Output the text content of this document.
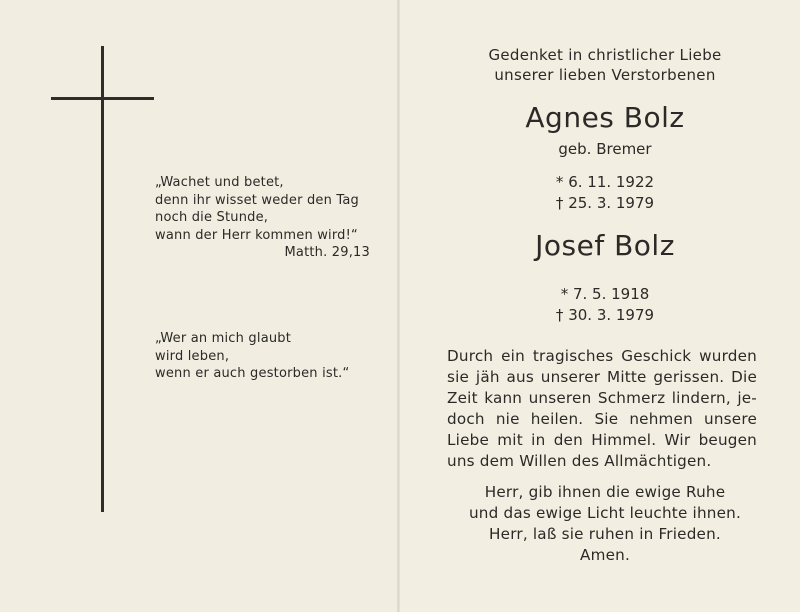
„Wachet und betet,
denn ihr wisset weder den Tag
noch die Stunde,
wann der Herr kommen wird!“
Matth. 29,13
„Wer an mich glaubt
wird leben,
wenn er auch gestorben ist.“
Gedenket in christlicher Liebe
unserer lieben Verstorbenen
Agnes Bolz
geb. Bremer
* 6. 11. 1922
† 25. 3. 1979
Josef Bolz
* 7. 5. 1918
† 30. 3. 1979
Durch ein tragisches Geschick wurden
sie jäh aus unserer Mitte gerissen. Die
Zeit kann unseren Schmerz lindern, je-
doch nie heilen. Sie nehmen unsere
Liebe mit in den Himmel. Wir beugen
uns dem Willen des Allmächtigen.
Herr, gib ihnen die ewige Ruhe
und das ewige Licht leuchte ihnen.
Herr, laß sie ruhen in Frieden.
Amen.
